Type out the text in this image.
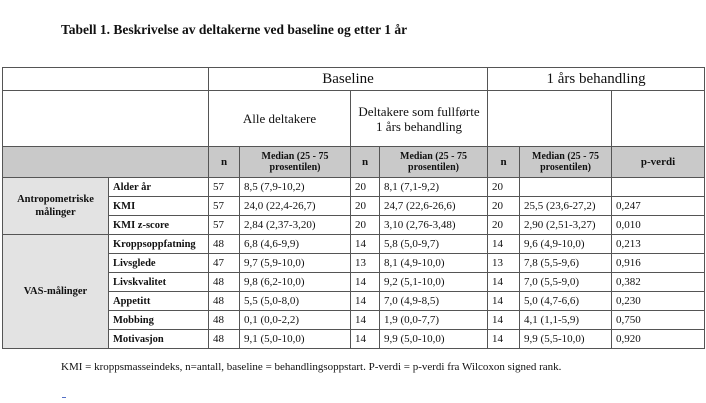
Tabell 1. Beskrivelse av deltakerne ved baseline og etter 1 år
		Baseline				1 års behandling		
		Alle deltakere		Deltakere som fullførte 1 års behandling				
		n	Median (25 - 75 prosentilen)	n	Median (25 - 75 prosentilen)	n	Median (25 - 75 prosentilen)	p-verdi
Antropometriske målinger	Alder år	57	8,5 (7,9-10,2)	20	8,1 (7,1-9,2)	20		
	KMI	57	24,0 (22,4-26,7)	20	24,7 (22,6-26,6)	20	25,5 (23,6-27,2)	0,247
	KMI z-score	57	2,84 (2,37-3,20)	20	3,10 (2,76-3,48)	20	2,90 (2,51-3,27)	0,010
VAS-målinger	Kroppsoppfatning	48	6,8 (4,6-9,9)	14	5,8 (5,0-9,7)	14	9,6 (4,9-10,0)	0,213
	Livsglede	47	9,7 (5,9-10,0)	13	8,1 (4,9-10,0)	13	7,8 (5,5-9,6)	0,916
	Livskvalitet	48	9,8 (6,2-10,0)	14	9,2 (5,1-10,0)	14	7,0 (5,5-9,0)	0,382
	Appetitt	48	5,5 (5,0-8,0)	14	7,0 (4,9-8,5)	14	5,0 (4,7-6,6)	0,230
	Mobbing	48	0,1 (0,0-2,2)	14	1,9 (0,0-7,7)	14	4,1 (1,1-5,9)	0,750
	Motivasjon	48	9,1 (5,0-10,0)	14	9,9 (5,0-10,0)	14	9,9 (5,5-10,0)	0,920
KMI = kroppsmasseindeks, n=antall, baseline = behandlingsoppstart. P-verdi = p-verdi fra Wilcoxon signed rank.
